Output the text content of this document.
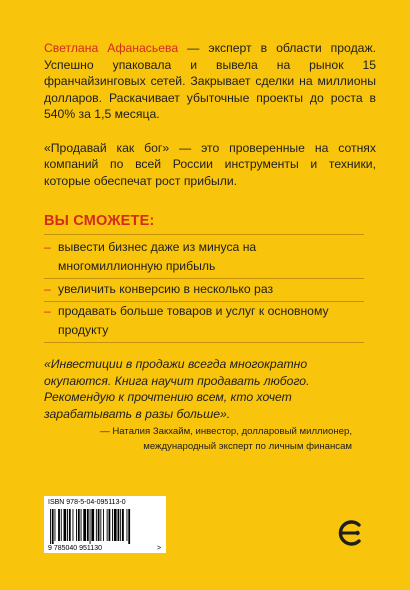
Светлана Афанасьева — эксперт в области продаж. Успешно упаковала и вывела на рынок 15 франчайзинговых сетей. Закрывает сделки на миллионы долларов. Раскачивает убыточные проекты до роста в 540% за 1,5 месяца.

«Продавай как бог» — это проверенные на сотнях компаний по всей России инструменты и техники, которые обеспечат рост прибыли.

ВЫ СМОЖЕТЕ:
– вывести бизнес даже из минуса на многомиллионную прибыль
– увеличить конверсию в несколько раз
– продавать больше товаров и услуг к основному продукту
«Инвестиции в продажи всегда многократно окупаются. Книга научит продавать любого. Рекомендую к прочтению всем, кто хочет зарабатывать в разы больше».
— Наталия Закхайм, инвестор, долларовый миллионер,
международный эксперт по личным финансам
ISBN 978-5-04-095113-0
9 785040 951130	>
